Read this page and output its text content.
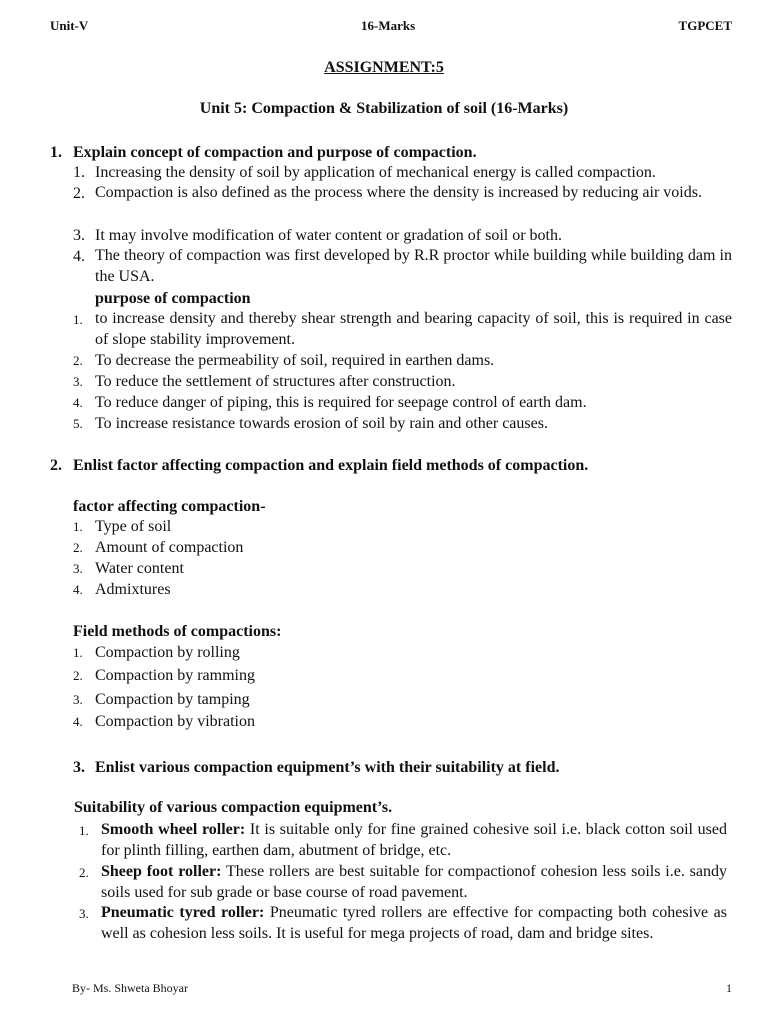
Unit-V	16-Marks	TGPCET
ASSIGNMENT:5
Unit 5: Compaction & Stabilization of soil (16-Marks)
1. Explain concept of compaction and purpose of compaction.
1. Increasing the density of soil by application of mechanical energy is called compaction.
2. Compaction is also defined as the process where the density is increased by reducing air voids.
3. It may involve modification of water content or gradation of soil or both.
4. The theory of compaction was first developed by R.R proctor while building while building dam in the USA.
purpose of compaction
1. to increase density and thereby shear strength and bearing capacity of soil, this is required in case of slope stability improvement.
2. To decrease the permeability of soil, required in earthen dams.
3. To reduce the settlement of structures after construction.
4. To reduce danger of piping, this is required for seepage control of earth dam.
5. To increase resistance towards erosion of soil by rain and other causes.
2. Enlist factor affecting compaction and explain field methods of compaction.
factor affecting compaction-
1. Type of soil
2. Amount of compaction
3. Water content
4. Admixtures
Field methods of compactions:
1. Compaction by rolling
2. Compaction by ramming
3. Compaction by tamping
4. Compaction by vibration
3. Enlist various compaction equipment’s with their suitability at field.
Suitability of various compaction equipment’s.
1. Smooth wheel roller: It is suitable only for fine grained cohesive soil i.e. black cotton soil used for plinth filling, earthen dam, abutment of bridge, etc.
2. Sheep foot roller: These rollers are best suitable for compactionof cohesion less soils i.e. sandy soils used for sub grade or base course of road pavement.
3. Pneumatic tyred roller: Pneumatic tyred rollers are effective for compacting both cohesive as well as cohesion less soils. It is useful for mega projects of road, dam and bridge sites.
By- Ms. Shweta Bhoyar	1
